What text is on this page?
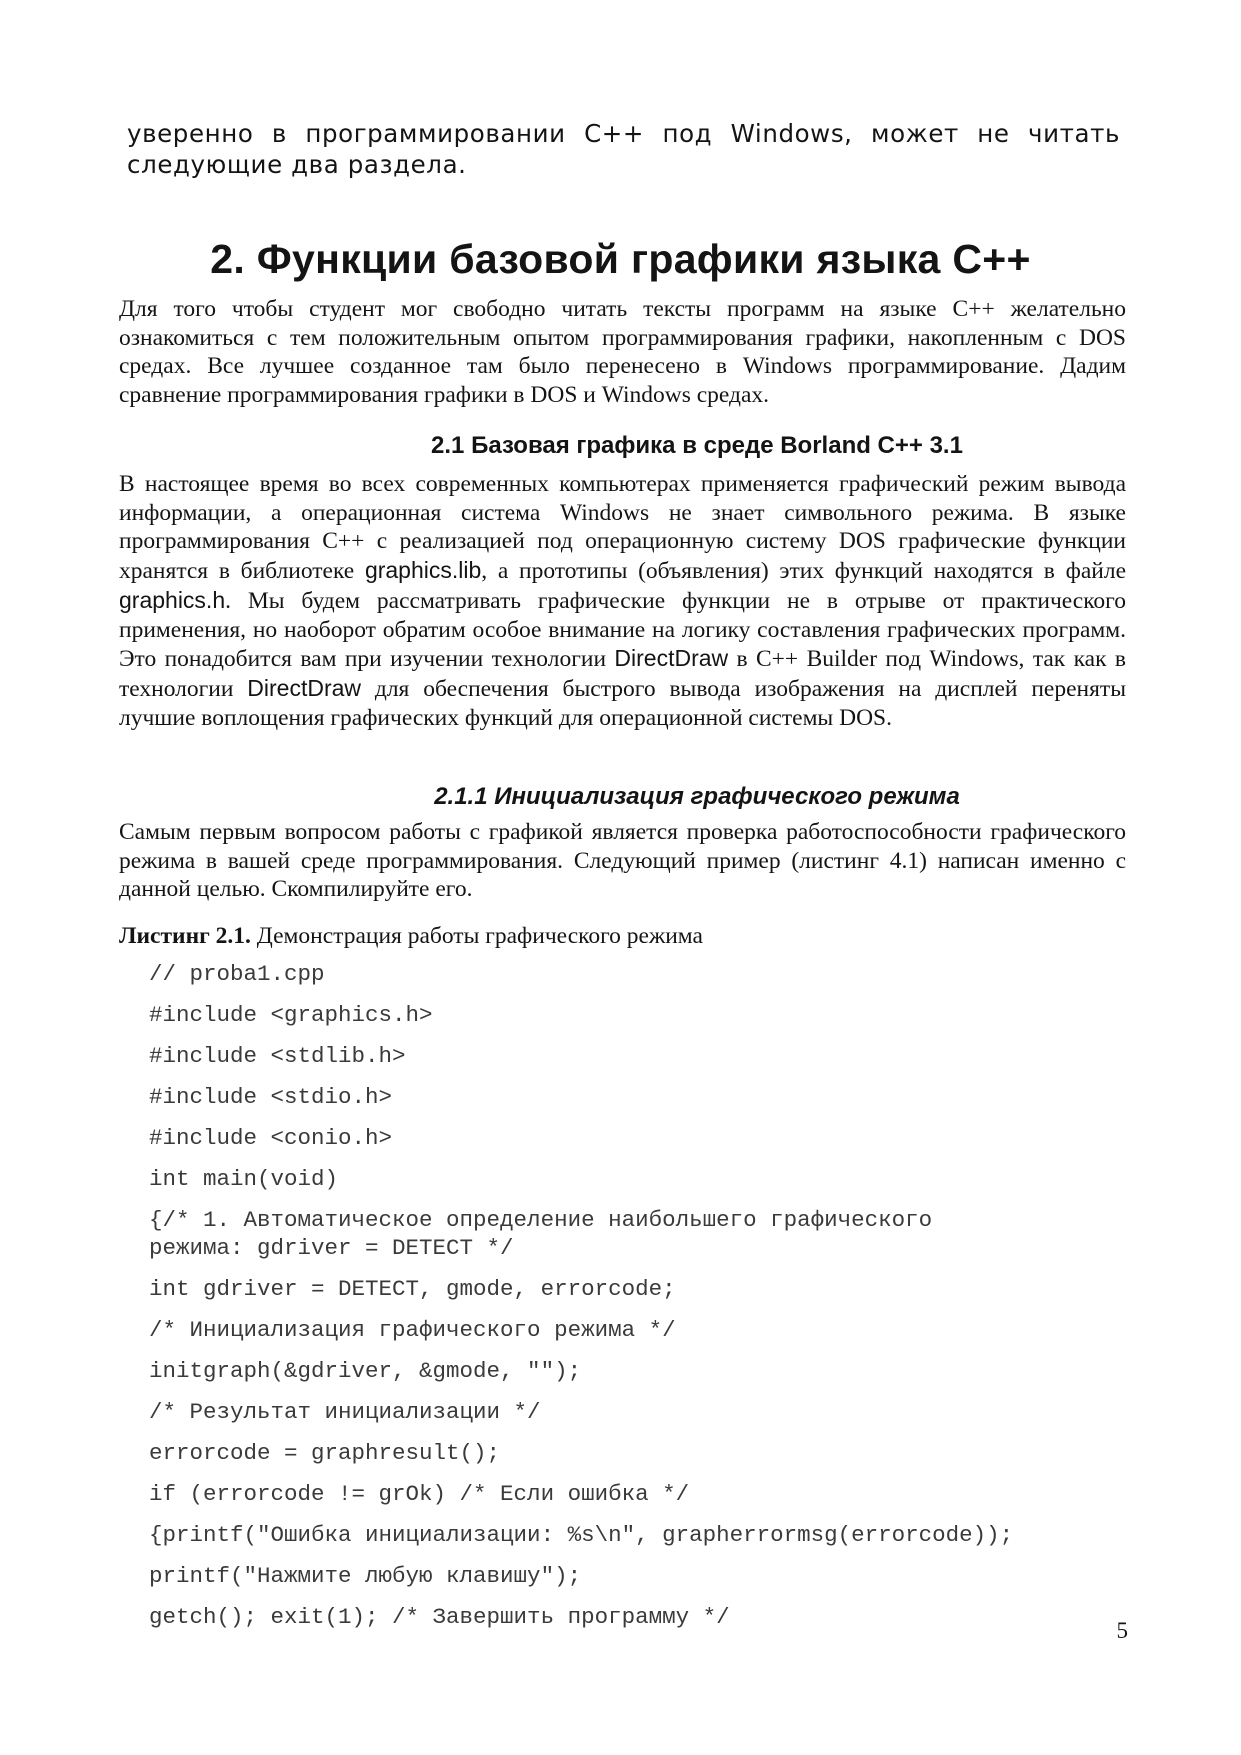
уверенно в программировании С++ под Windows, может не читать
следующие два раздела.
2. Функции базовой графики языка С++
Для того чтобы студент мог свободно читать тексты программ на языке С++ желательно ознакомиться с тем положительным опытом программирования графики, накопленным с DOS средах. Все лучшее созданное там было перенесено в Windows программирование. Дадим сравнение программирования графики в DOS и Windows средах.
2.1 Базовая графика в среде Borland C++ 3.1
В настоящее время во всех современных компьютерах применяется графический режим вывода информации, а операционная система Windows не знает символьного режима. В языке программирования С++ с реализацией под операционную систему DOS графические функции хранятся в библиотеке graphics.lib, а прототипы (объявления) этих функций находятся в файле graphics.h. Мы будем рассматривать графические функции не в отрыве от практического применения, но наоборот обратим особое внимание на логику составления графических программ. Это понадобится вам при изучении технологии DirectDraw в С++ Builder под Windows, так как в технологии DirectDraw для обеспечения быстрого вывода изображения на дисплей переняты лучшие воплощения графических функций для операционной системы DOS.
2.1.1 Инициализация графического режима
Самым первым вопросом работы с графикой является проверка работоспособности графического режима в вашей среде программирования. Следующий пример (листинг 4.1) написан именно с данной целью. Скомпилируйте его.
Листинг 2.1. Демонстрация работы графического режима
// proba1.cpp
#include <graphics.h>
#include <stdlib.h>
#include <stdio.h>
#include <conio.h>
int main(void)
{/* 1. Автоматическое определение наибольшего графического
режима: gdriver = DETECT */
int gdriver = DETECT, gmode, errorcode;
/* Инициализация графического режима */
initgraph(&gdriver, &gmode, "");
/* Результат инициализации */
errorcode = graphresult();
if (errorcode != grOk) /* Если ошибка */
{printf("Ошибка инициализации: %s\n", grapherrormsg(errorcode));
printf("Нажмите любую клавишу");
getch(); exit(1); /* Завершить программу */
5
